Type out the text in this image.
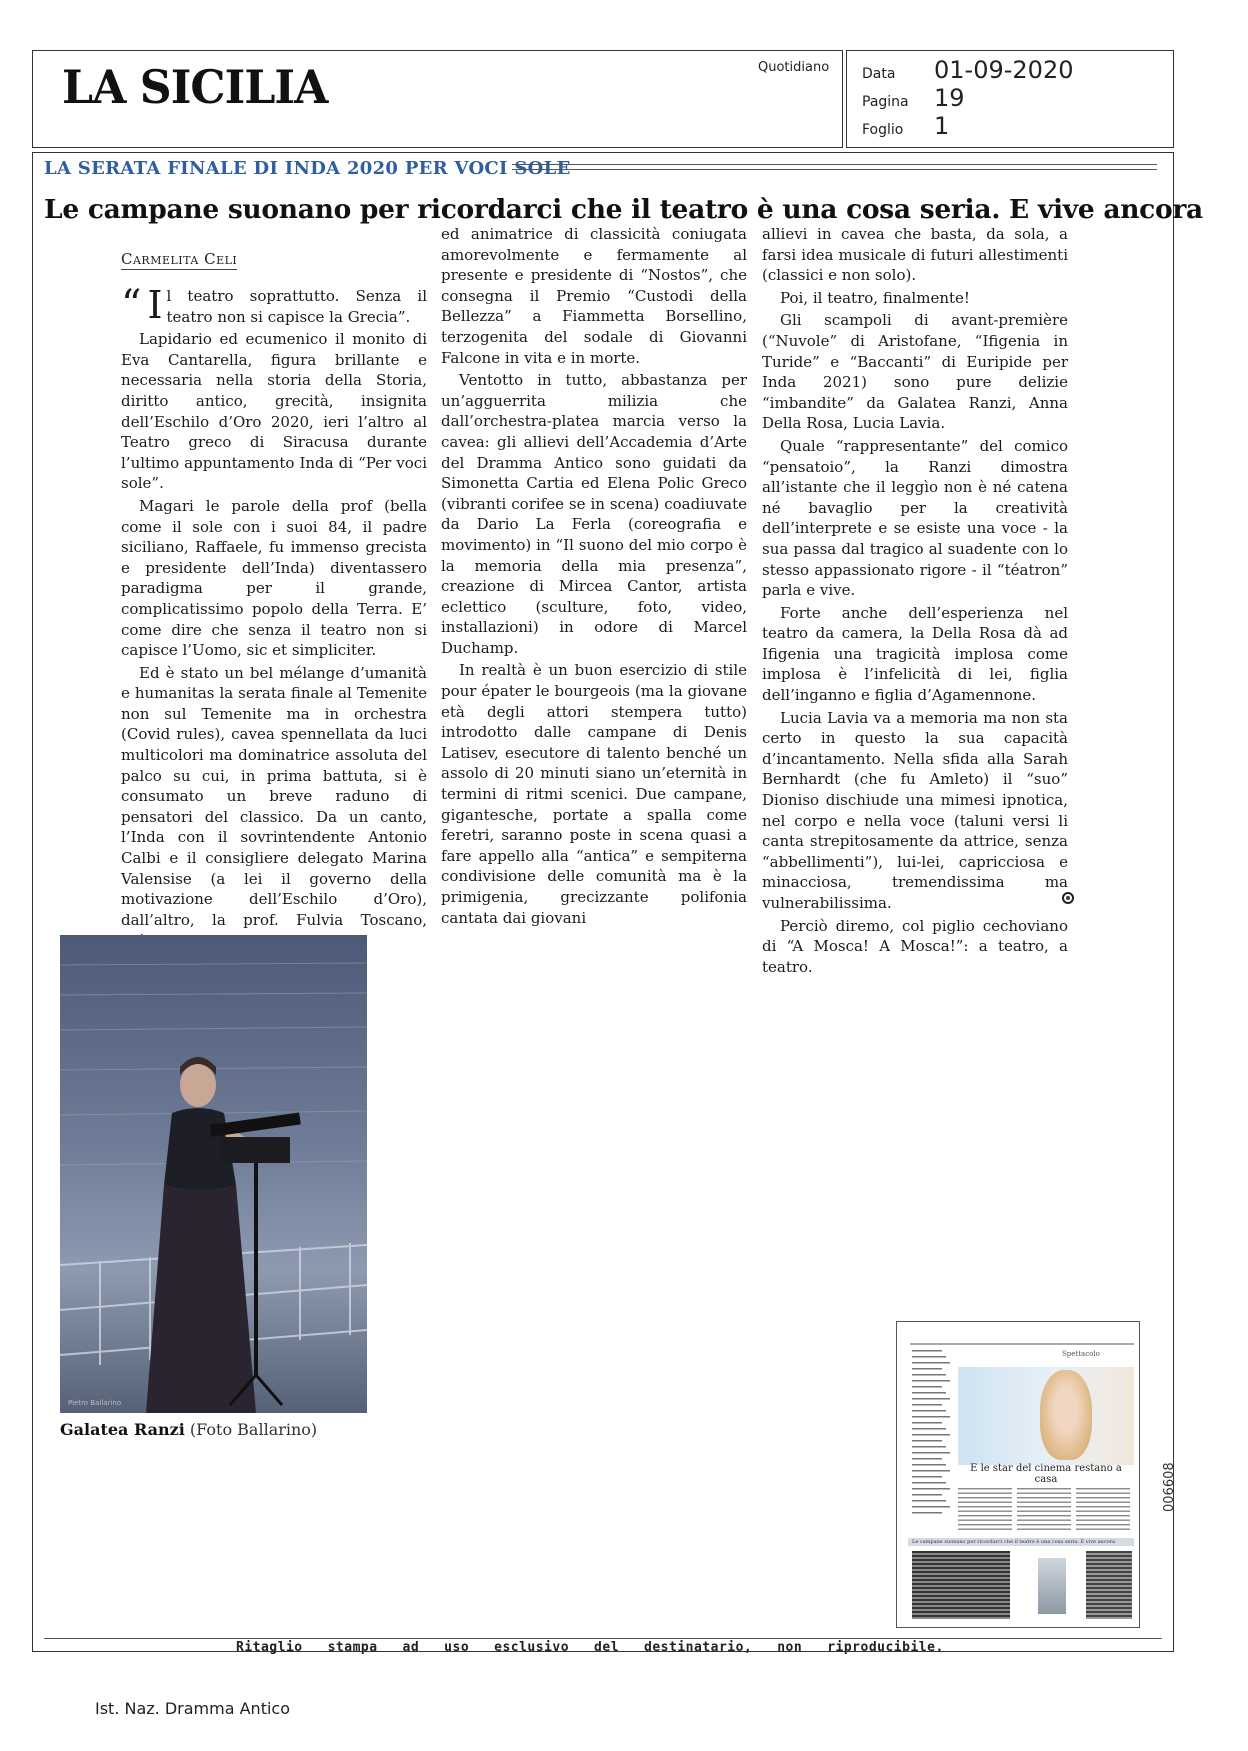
LA SICILIA	Quotidiano Data	01-09-2020
Pagina	19
Foglio	1
LA SERATA FINALE DI INDA 2020 PER VOCI SOLE
Le campane suonano per ricordarci che il teatro è una cosa seria. E vive ancora
Carmelita Celi

“ I l teatro soprattutto. Senza il teatro non si capisce la Grecia”.

Lapidario ed ecumenico il monito di Eva Cantarella, figura brillante e necessaria nella storia della Storia, diritto antico, grecità, insignita dell’Eschilo d’Oro 2020, ieri l’altro al Teatro greco di Siracusa durante l’ultimo appuntamento Inda di “Per voci sole”.

Magari le parole della prof (bella come il sole con i suoi 84, il padre siciliano, Raffaele, fu immenso grecista e presidente dell’Inda) diventassero paradigma per il grande, complicatissimo popolo della Terra. E’ come dire che senza il teatro non si capisce l’Uomo, sic et simpliciter.

Ed è stato un bel mélange d’umanità e humanitas la serata finale al Temenite non sul Temenite ma in orchestra (Covid rules), cavea spennellata da luci multicolori ma dominatrice assoluta del palco su cui, in prima battuta, si è consumato un breve raduno di pensatori del classico. Da un canto, l’Inda con il sovrintendente Antonio Calbi e il consigliere delegato Marina Valensise (a lei il governo della motivazione dell’Eschilo d’Oro), dall’altro, la prof. Fulvia Toscano,

ed animatrice di classicità coniugata amorevolmente e fermamente al presente e presidente di “Nostos”, che consegna il Premio “Custodi della Bellezza” a Fiammetta Borsellino, terzogenita del sodale di Giovanni Falcone in vita e in morte.

Ventotto in tutto, abbastanza per un’agguerrita milizia che dall’orchestra-platea marcia verso la cavea: gli allievi dell’Accademia d’Arte del Dramma Antico sono guidati da Simonetta Cartia ed Elena Polic Greco (vibranti corifee se in scena) coadiuvate da Dario La Ferla (coreografia e movimento) in “Il suono del mio corpo è la memoria della mia presenza”, creazione di Mircea Cantor, artista eclettico (sculture, foto, video, installazioni) in odore di Marcel Duchamp.

In realtà è un buon esercizio di stile pour épater le bourgeois (ma la giovane età degli attori stempera tutto) introdotto dalle campane di Denis Latisev, esecutore di talento benché un assolo di 20 minuti siano un’eternità in termini di ritmi scenici. Due campane, gigantesche, portate a spalla come feretri, saranno poste in scena quasi a fare appello alla “antica” e sempiterna condivisione delle comunità ma è la primigenia, grecizzante polifonia cantata dai giovani

allievi in cavea che basta, da sola, a farsi idea musicale di futuri allestimenti (classici e non solo).

Poi, il teatro, finalmente!

Gli scampoli di avant-première (“Nuvole” di Aristofane, “Ifigenia in Turide” e “Baccanti” di Euripide per Inda 2021) sono pure delizie “imbandite” da Galatea Ranzi, Anna Della Rosa, Lucia Lavia.

Quale “rappresentante” del comico “pensatoio”, la Ranzi dimostra all’istante che il leggìo non è né catena né bavaglio per la creatività dell’interprete e se esiste una voce - la sua passa dal tragico al suadente con lo stesso appassionato rigore - il “téatron” parla e vive.

Forte anche dell’esperienza nel teatro da camera, la Della Rosa dà ad Ifigenia una tragicità implosa come implosa è l’infelicità di lei, figlia dell’inganno e figlia d’Agamennone.

Lucia Lavia va a memoria ma non sta certo in questo la sua capacità d’incantamento. Nella sfida alla Sarah Bernhardt (che fu Amleto) il “suo” Dioniso dischiude una mimesi ipnotica, nel corpo e nella voce (taluni versi li canta strepitosamente da attrice, senza “abbellimenti”), lui-lei, capricciosa e minacciosa, tremendissima ma vulnerabilissima.

Perciò diremo, col piglio cechoviano di “A Mosca! A Mosca!”: a teatro, a teatro.

Pietro Ballarino
Galatea Ranzi (Foto Ballarino)
Spettacolo
E le star del cinema restano a casa
Le campane suonano per ricordarci che il teatro è una cosa seria. E vive ancora
006608
Ritaglio   stampa   ad   uso   esclusivo   del   destinatario,   non   riproducibile.
Ist. Naz. Dramma Antico
